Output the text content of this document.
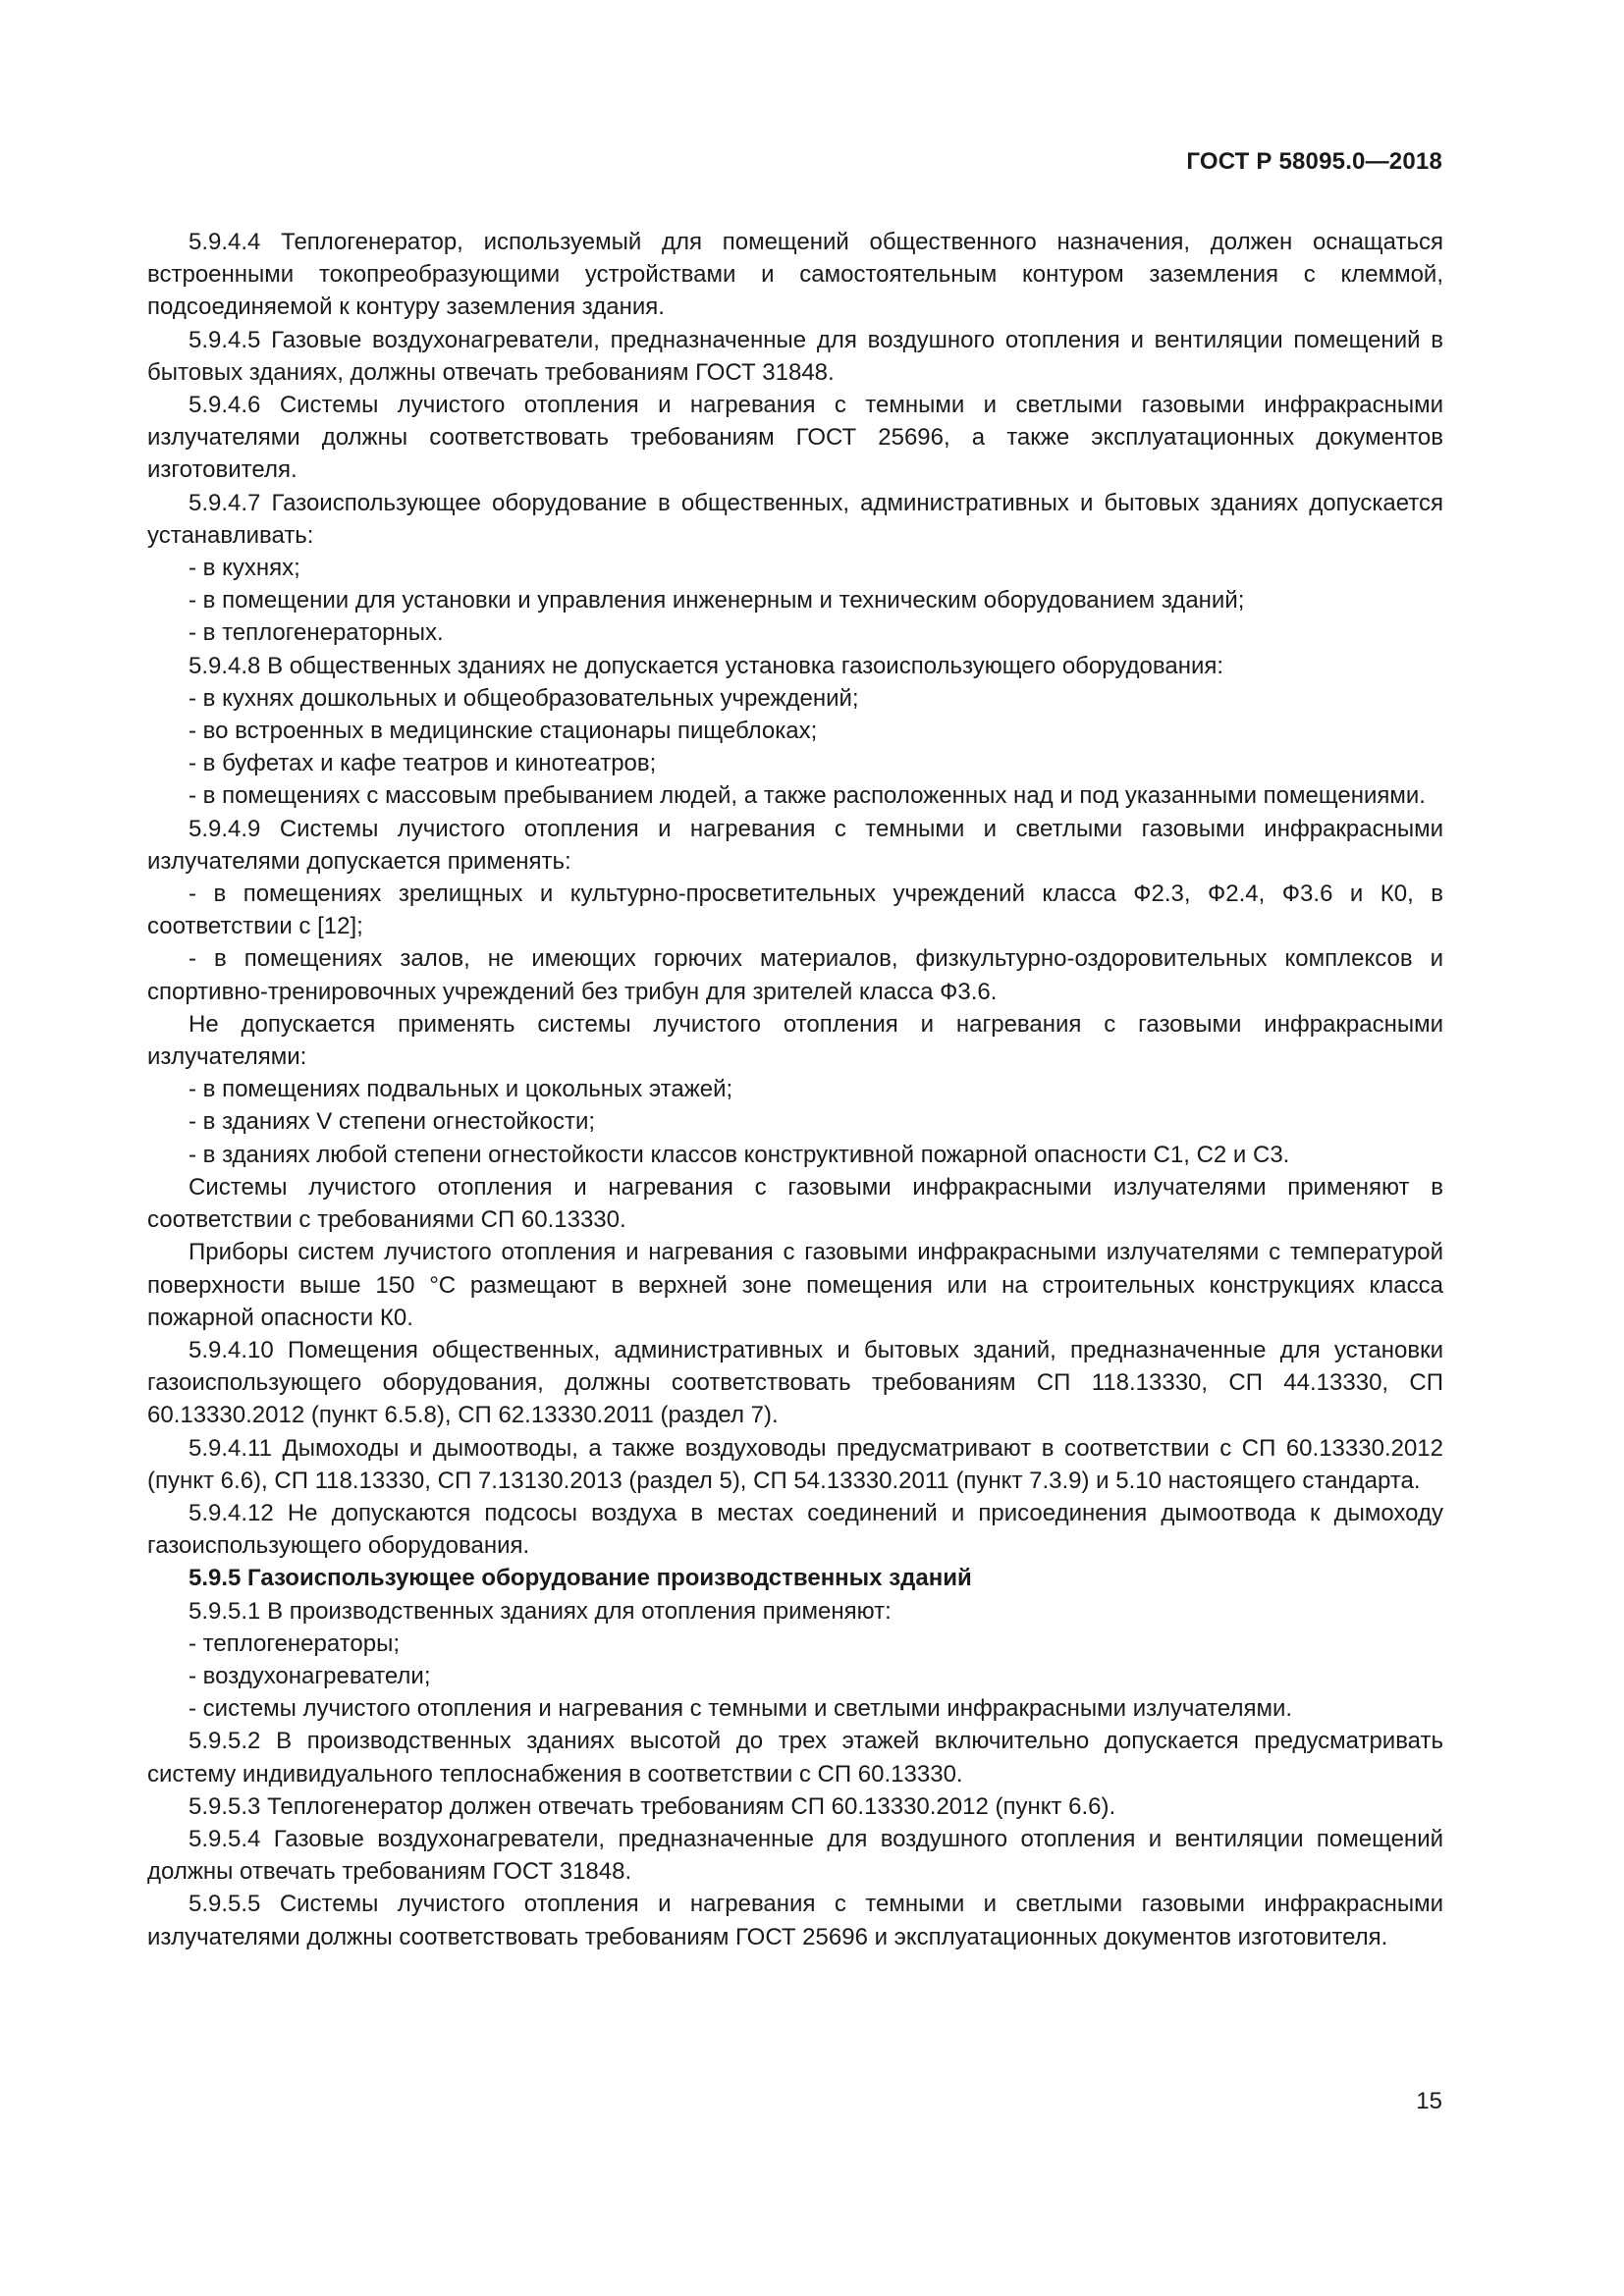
ГОСТ Р 58095.0—2018

5.9.4.4 Теплогенератор, используемый для помещений общественного назначения, должен оснащаться встроенными токопреобразующими устройствами и самостоятельным контуром заземления с клеммой, подсоединяемой к контуру заземления здания.

5.9.4.5 Газовые воздухонагреватели, предназначенные для воздушного отопления и вентиляции помещений в бытовых зданиях, должны отвечать требованиям ГОСТ 31848.

5.9.4.6 Системы лучистого отопления и нагревания с темными и светлыми газовыми инфракрасными излучателями должны соответствовать требованиям ГОСТ 25696, а также эксплуатационных документов изготовителя.

5.9.4.7 Газоиспользующее оборудование в общественных, административных и бытовых зданиях допускается устанавливать:

- в кухнях;

- в помещении для установки и управления инженерным и техническим оборудованием зданий;

- в теплогенераторных.

5.9.4.8 В общественных зданиях не допускается установка газоиспользующего оборудования:

- в кухнях дошкольных и общеобразовательных учреждений;

- во встроенных в медицинские стационары пищеблоках;

- в буфетах и кафе театров и кинотеатров;

- в помещениях с массовым пребыванием людей, а также расположенных над и под указанными помещениями.

5.9.4.9 Системы лучистого отопления и нагревания с темными и светлыми газовыми инфракрасными излучателями допускается применять:

- в помещениях зрелищных и культурно-просветительных учреждений класса Ф2.3, Ф2.4, Ф3.6 и К0, в соответствии с [12];

- в помещениях залов, не имеющих горючих материалов, физкультурно-оздоровительных комплексов и спортивно-тренировочных учреждений без трибун для зрителей класса Ф3.6.

Не допускается применять системы лучистого отопления и нагревания с газовыми инфракрасными излучателями:

- в помещениях подвальных и цокольных этажей;

- в зданиях V степени огнестойкости;

- в зданиях любой степени огнестойкости классов конструктивной пожарной опасности С1, С2 и С3.

Системы лучистого отопления и нагревания с газовыми инфракрасными излучателями применяют в соответствии с требованиями СП 60.13330.

Приборы систем лучистого отопления и нагревания с газовыми инфракрасными излучателями с температурой поверхности выше 150 °С размещают в верхней зоне помещения или на строительных конструкциях класса пожарной опасности К0.

5.9.4.10 Помещения общественных, административных и бытовых зданий, предназначенные для установки газоиспользующего оборудования, должны соответствовать требованиям СП 118.13330, СП 44.13330, СП 60.13330.2012 (пункт 6.5.8), СП 62.13330.2011 (раздел 7).

5.9.4.11 Дымоходы и дымоотводы, а также воздуховоды предусматривают в соответствии с СП 60.13330.2012 (пункт 6.6), СП 118.13330, СП 7.13130.2013 (раздел 5), СП 54.13330.2011 (пункт 7.3.9) и 5.10 настоящего стандарта.

5.9.4.12 Не допускаются подсосы воздуха в местах соединений и присоединения дымоотвода к дымоходу газоиспользующего оборудования.

5.9.5 Газоиспользующее оборудование производственных зданий

5.9.5.1 В производственных зданиях для отопления применяют:

- теплогенераторы;

- воздухонагреватели;

- системы лучистого отопления и нагревания с темными и светлыми инфракрасными излучателями.

5.9.5.2 В производственных зданиях высотой до трех этажей включительно допускается предусматривать систему индивидуального теплоснабжения в соответствии с СП 60.13330.

5.9.5.3 Теплогенератор должен отвечать требованиям СП 60.13330.2012 (пункт 6.6).

5.9.5.4 Газовые воздухонагреватели, предназначенные для воздушного отопления и вентиляции помещений должны отвечать требованиям ГОСТ 31848.

5.9.5.5 Системы лучистого отопления и нагревания с темными и светлыми газовыми инфракрасными излучателями должны соответствовать требованиям ГОСТ 25696 и эксплуатационных документов изготовителя.

15
